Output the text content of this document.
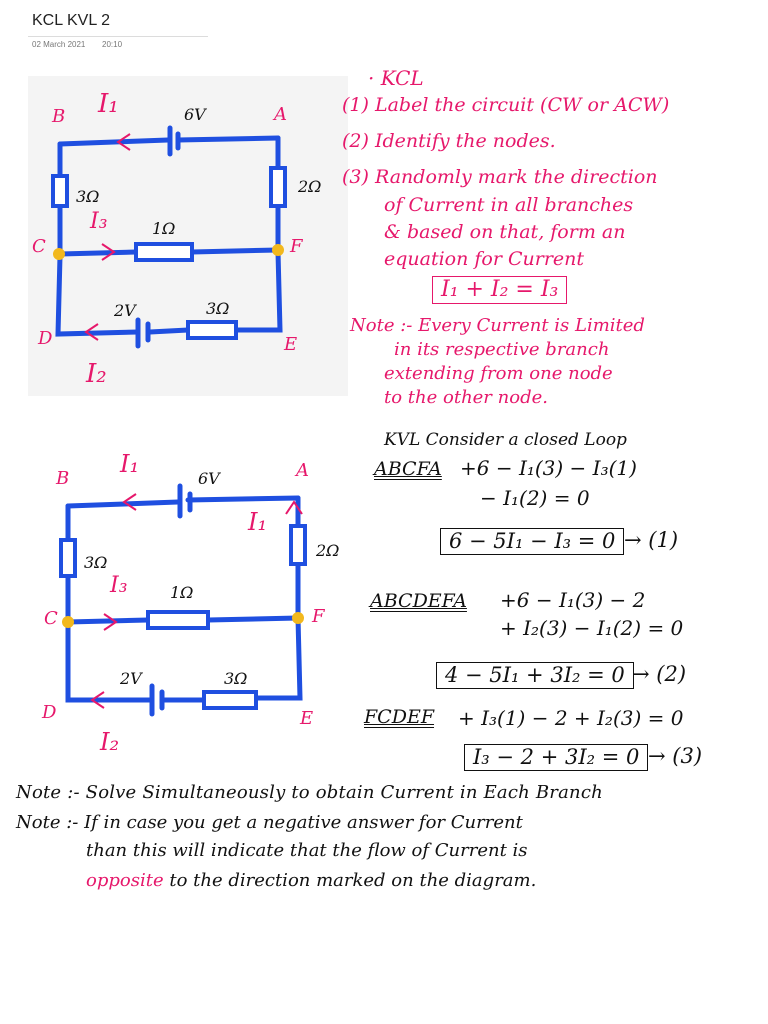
KCL KVL 2
02 March 2021 20:10
B	A
C	F
D	E
I₁
I₃
I₂
6V
2V
3Ω
2Ω
1Ω
3Ω
· KCL
(1) Label the circuit (CW or ACW)
(2) Identify the nodes.
(3) Randomly mark the direction
of Current in all branches
& based on that, form an
equation for Current
I₁ + I₂ = I₃
Note :- Every Current is Limited
in its respective branch
extending from one node
to the other node.
B	A
C	F
D	E
I₁
I₁
I₃
I₂
6V
2V
3Ω
2Ω
1Ω
3Ω
KVL Consider a closed Loop
ABCFA +6 − I₁(3) − I₃(1)
− I₁(2) = 0
6 − 5I₁ − I₃ = 0 → (1)
ABCDEFA +6 − I₁(3) − 2
+ I₂(3) − I₁(2) = 0
4 − 5I₁ + 3I₂ = 0 → (2)
FCDEF + I₃(1) − 2 + I₂(3) = 0
I₃ − 2 + 3I₂ = 0 → (3)
Note :- Solve Simultaneously to obtain Current in Each Branch
Note :- If in case you get a negative answer for Current
than this will indicate that the flow of Current is
opposite to the direction marked on the diagram.
